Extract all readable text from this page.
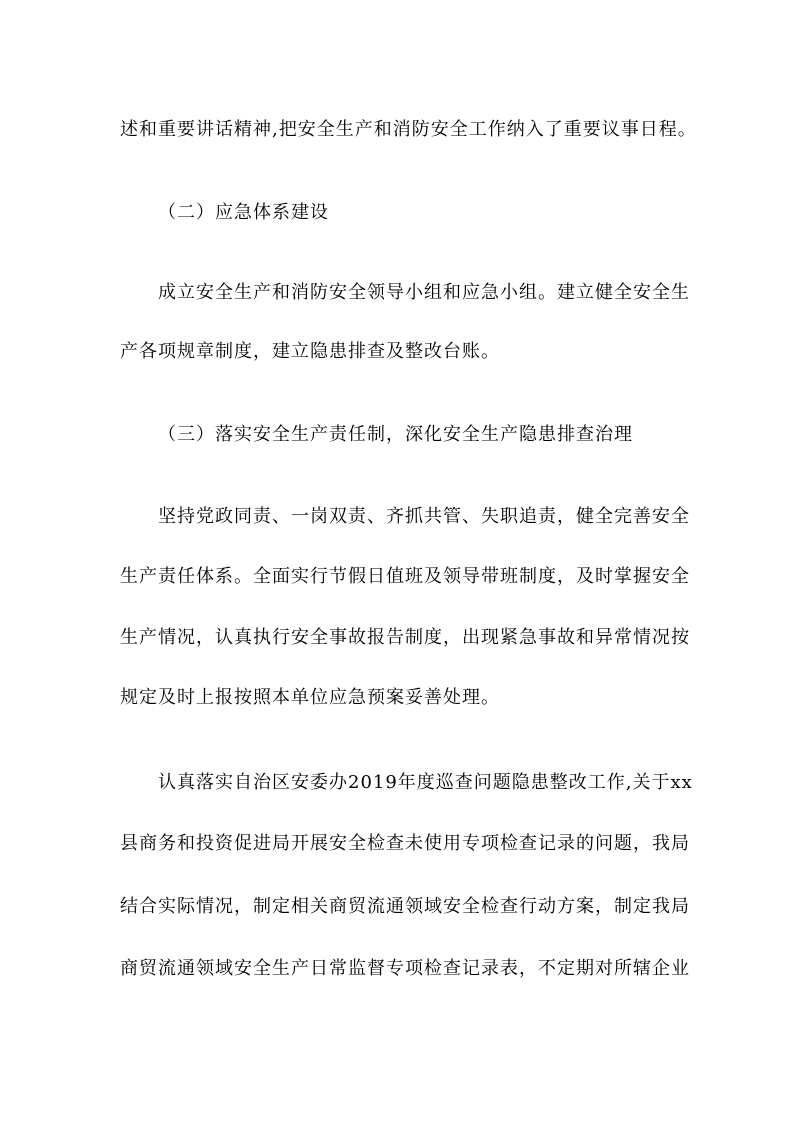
述和重要讲话精神,把安全生产和消防安全工作纳入了重要议事日程。
（二）应急体系建设
成立安全生产和消防安全领导小组和应急小组。建立健全安全生
产各项规章制度，建立隐患排查及整改台账。
（三）落实安全生产责任制，深化安全生产隐患排查治理
坚持党政同责、一岗双责、齐抓共管、失职追责，健全完善安全
生产责任体系。全面实行节假日值班及领导带班制度，及时掌握安全
生产情况，认真执行安全事故报告制度，出现紧急事故和异常情况按
规定及时上报按照本单位应急预案妥善处理。
认真落实自治区安委办2019年度巡查问题隐患整改工作,关于xx
县商务和投资促进局开展安全检查未使用专项检查记录的问题，我局
结合实际情况，制定相关商贸流通领域安全检查行动方案，制定我局
商贸流通领域安全生产日常监督专项检查记录表，不定期对所辖企业
